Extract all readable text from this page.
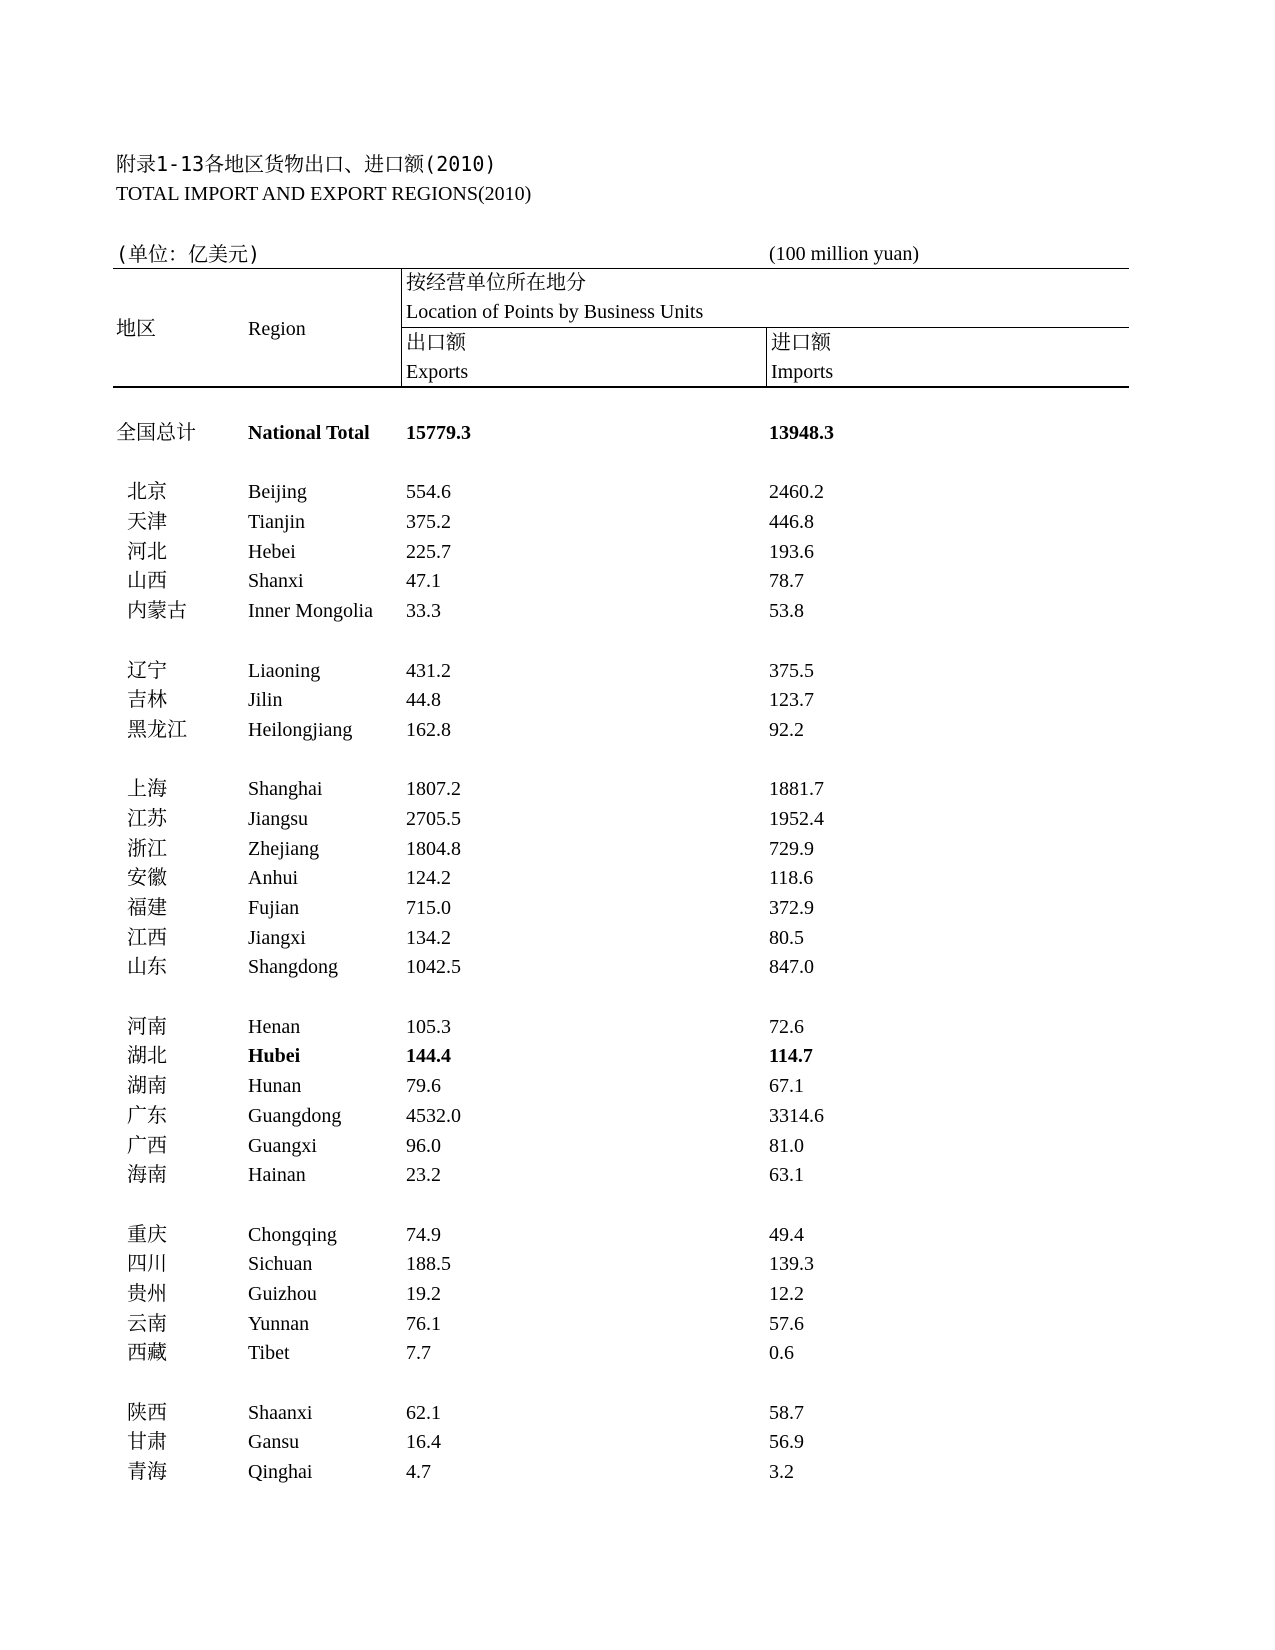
附录1-13各地区货物出口、进口额(2010)
TOTAL IMPORT AND EXPORT REGIONS(2010)
(单位：亿美元)	(100 million yuan)
地区	Region
按经营单位所在地分
Location of Points by Business Units
出口额
Exports
进口额
Imports
全国总计	National Total 15779.3	13948.3
北京	Beijing	554.6	2460.2
天津	Tianjin	375.2	446.8
河北	Hebei	225.7	193.6
山西	Shanxi	47.1	78.7
内蒙古	Inner Mongolia 33.3	53.8
辽宁	Liaoning	431.2	375.5
吉林	Jilin	44.8	123.7
黑龙江	Heilongjiang	162.8	92.2
上海	Shanghai	1807.2	1881.7
江苏	Jiangsu	2705.5	1952.4
浙江	Zhejiang	1804.8	729.9
安徽	Anhui	124.2	118.6
福建	Fujian	715.0	372.9
江西	Jiangxi	134.2	80.5
山东	Shangdong	1042.5	847.0
河南	Henan	105.3	72.6
湖北	Hubei	144.4	114.7
湖南	Hunan	79.6	67.1
广东	Guangdong	4532.0	3314.6
广西	Guangxi	96.0	81.0
海南	Hainan	23.2	63.1
重庆	Chongqing	74.9	49.4
四川	Sichuan	188.5	139.3
贵州	Guizhou	19.2	12.2
云南	Yunnan	76.1	57.6
西藏	Tibet	7.7	0.6
陕西	Shaanxi	62.1	58.7
甘肃	Gansu	16.4	56.9
青海	Qinghai	4.7	3.2
